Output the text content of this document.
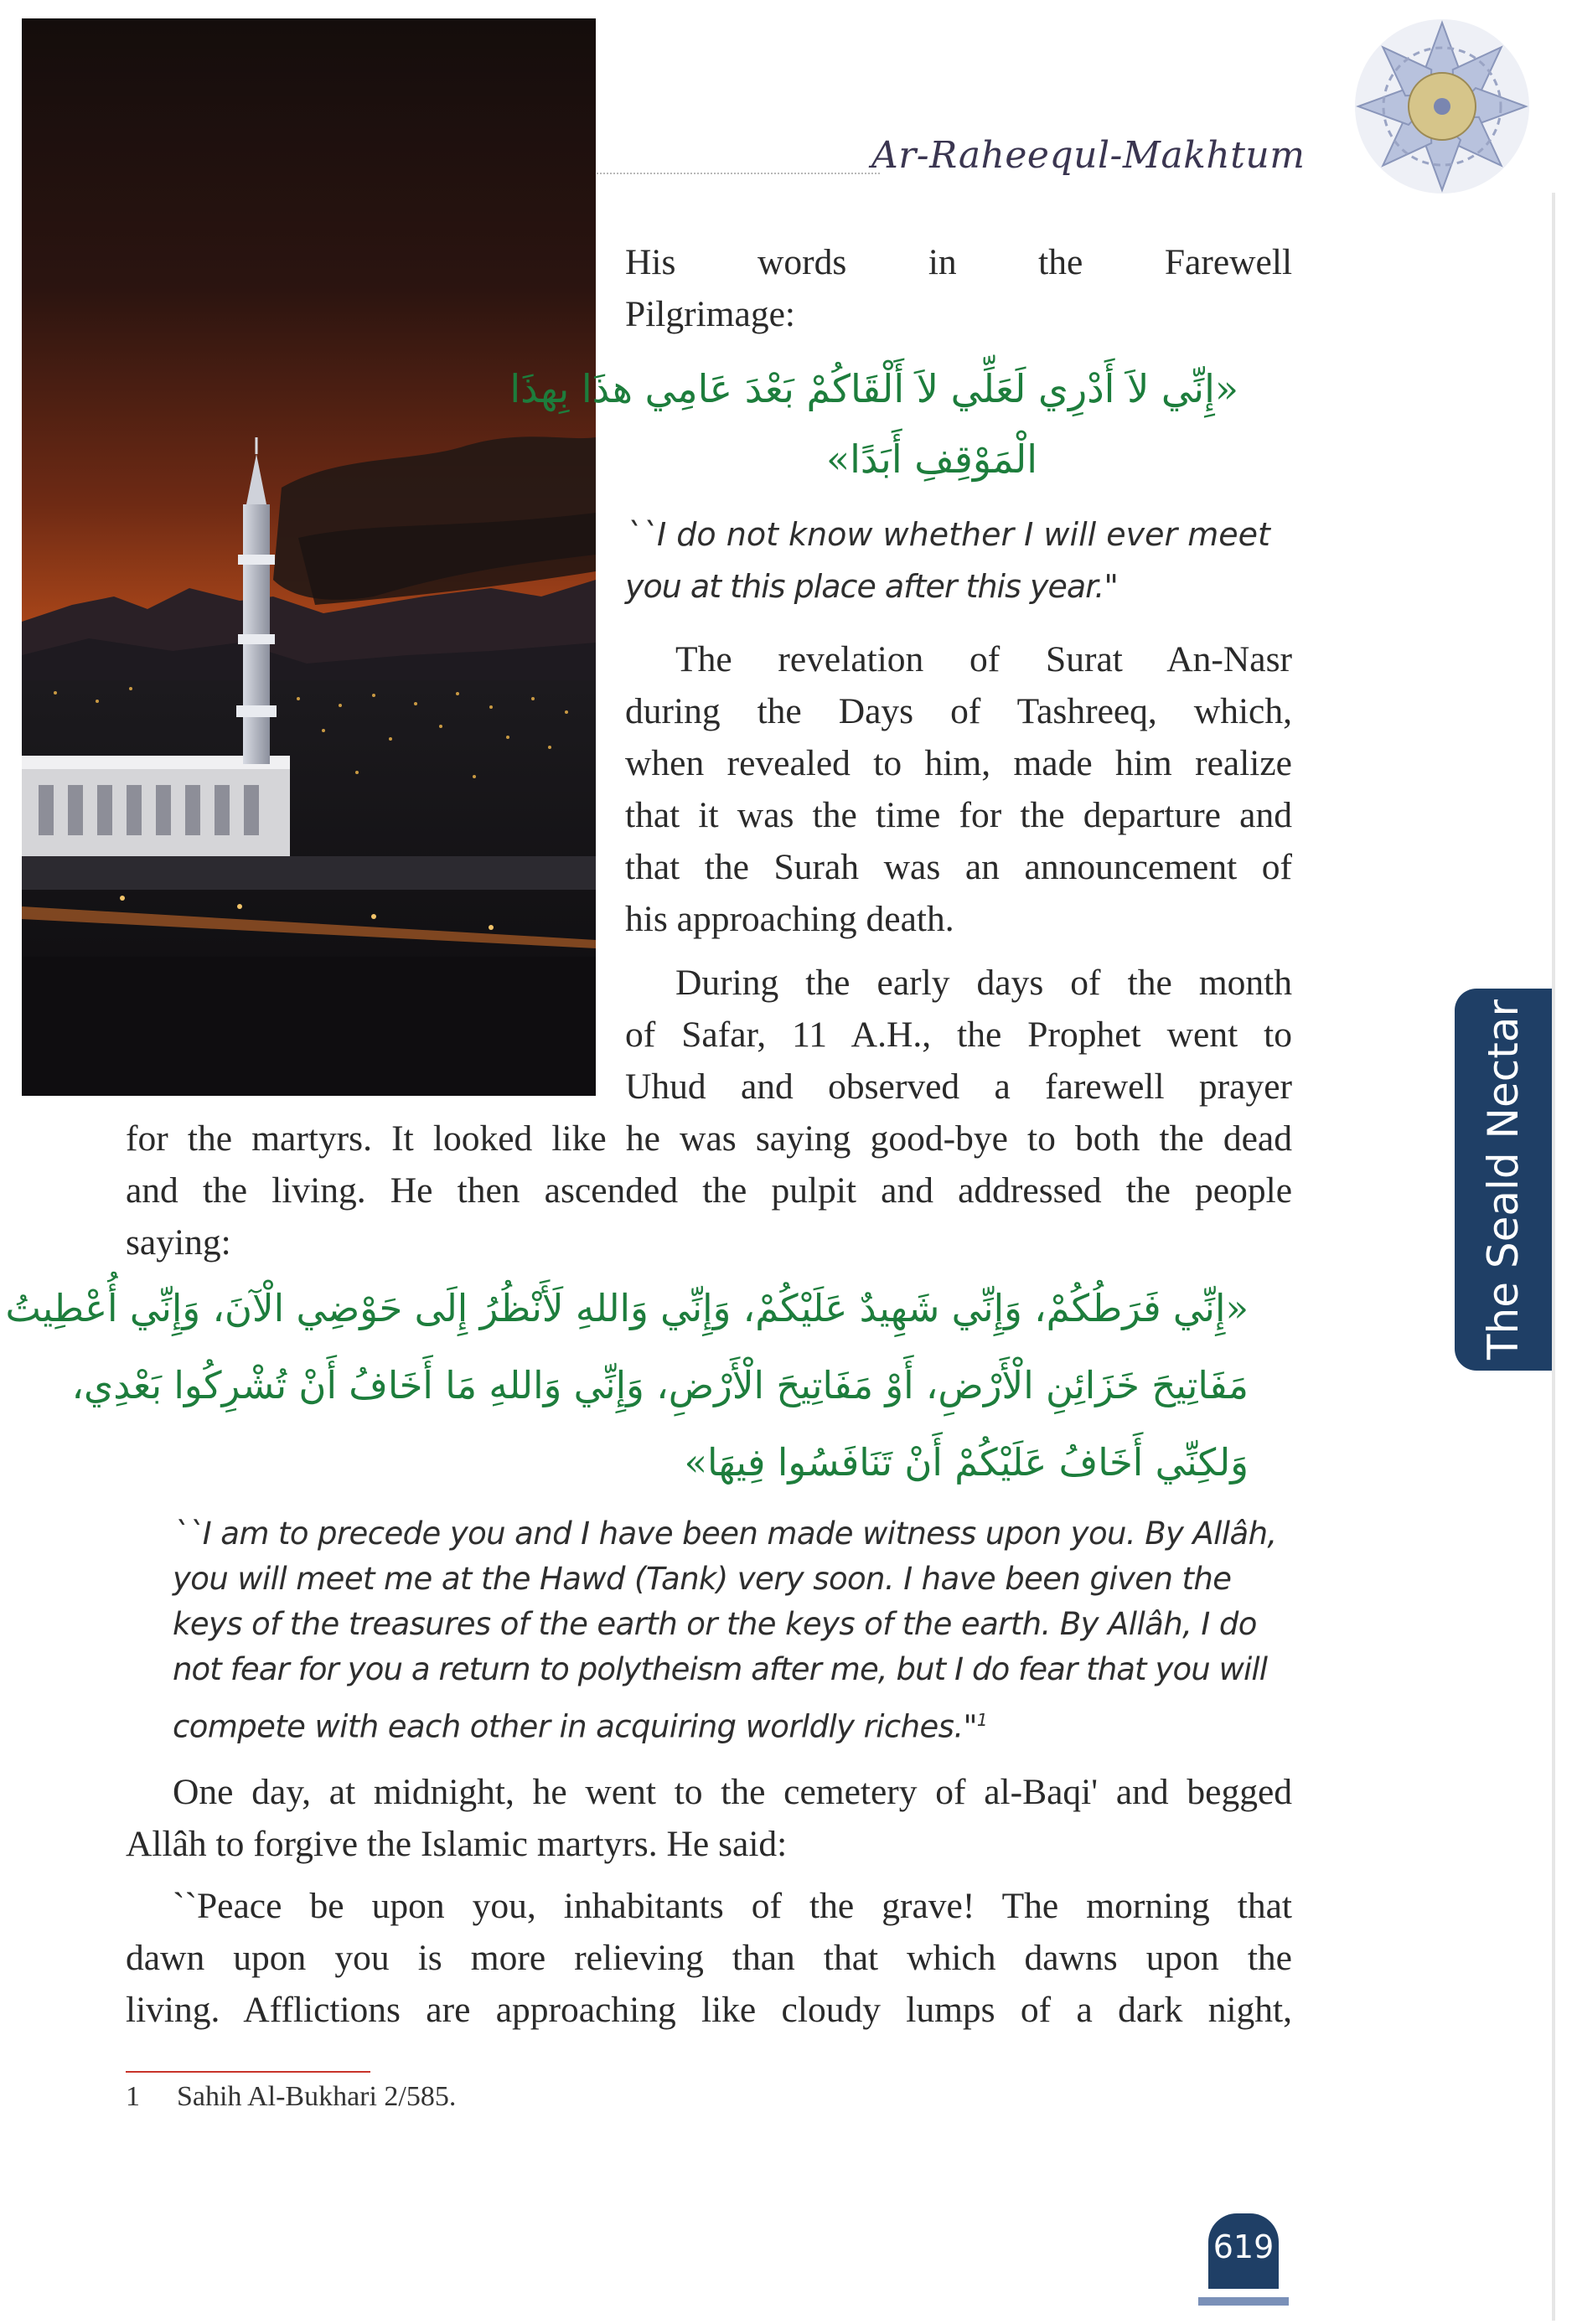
Ar-Raheequl-Makhtum
The Seald Nectar
His words in the Farewell
Pilgrimage:
«إِنِّي لاَ أَدْرِي لَعَلِّي لاَ أَلْقَاكُمْ بَعْدَ عَامِي هذَا بِهذَا
الْمَوْقِفِ أَبَدًا»
``I do not know whether I will ever meet
you at this place after this year."
The revelation of Surat An-Nasr
during the Days of Tashreeq, which,
when revealed to him, made him realize
that it was the time for the departure and
that the Surah was an announcement of
his approaching death.
During the early days of the month
of Safar, 11 A.H., the Prophet went to
Uhud and observed a farewell prayer
for the martyrs. It looked like he was saying good-bye to both the dead
and the living. He then ascended the pulpit and addressed the people
saying:
«إِنِّي فَرَطُكُمْ، وَإِنِّي شَهِيدٌ عَلَيْكُمْ، وَإِنِّي وَاللهِ لَأَنْظُرُ إِلَى حَوْضِي الْآنَ، وَإِنِّي أُعْطِيتُ
مَفَاتِيحَ خَزَائِنِ الْأَرْضِ، أَوْ مَفَاتِيحَ الْأَرْضِ، وَإِنِّي وَاللهِ مَا أَخَافُ أَنْ تُشْرِكُوا بَعْدِي،
وَلكِنِّي أَخَافُ عَلَيْكُمْ أَنْ تَنَافَسُوا فِيهَا»
``I am to precede you and I have been made witness upon you. By Allâh,
you will meet me at the Hawd (Tank) very soon. I have been given the
keys of the treasures of the earth or the keys of the earth. By Allâh, I do
not fear for you a return to polytheism after me, but I do fear that you will
compete with each other in acquiring worldly riches."$^1$
One day, at midnight, he went to the cemetery of al-Baqi' and begged
Allâh to forgive the Islamic martyrs. He said:
``Peace be upon you, inhabitants of the grave! The morning that
dawn upon you is more relieving than that which dawns upon the
living. Afflictions are approaching like cloudy lumps of a dark night,
1 Sahih Al-Bukhari 2/585.
619
